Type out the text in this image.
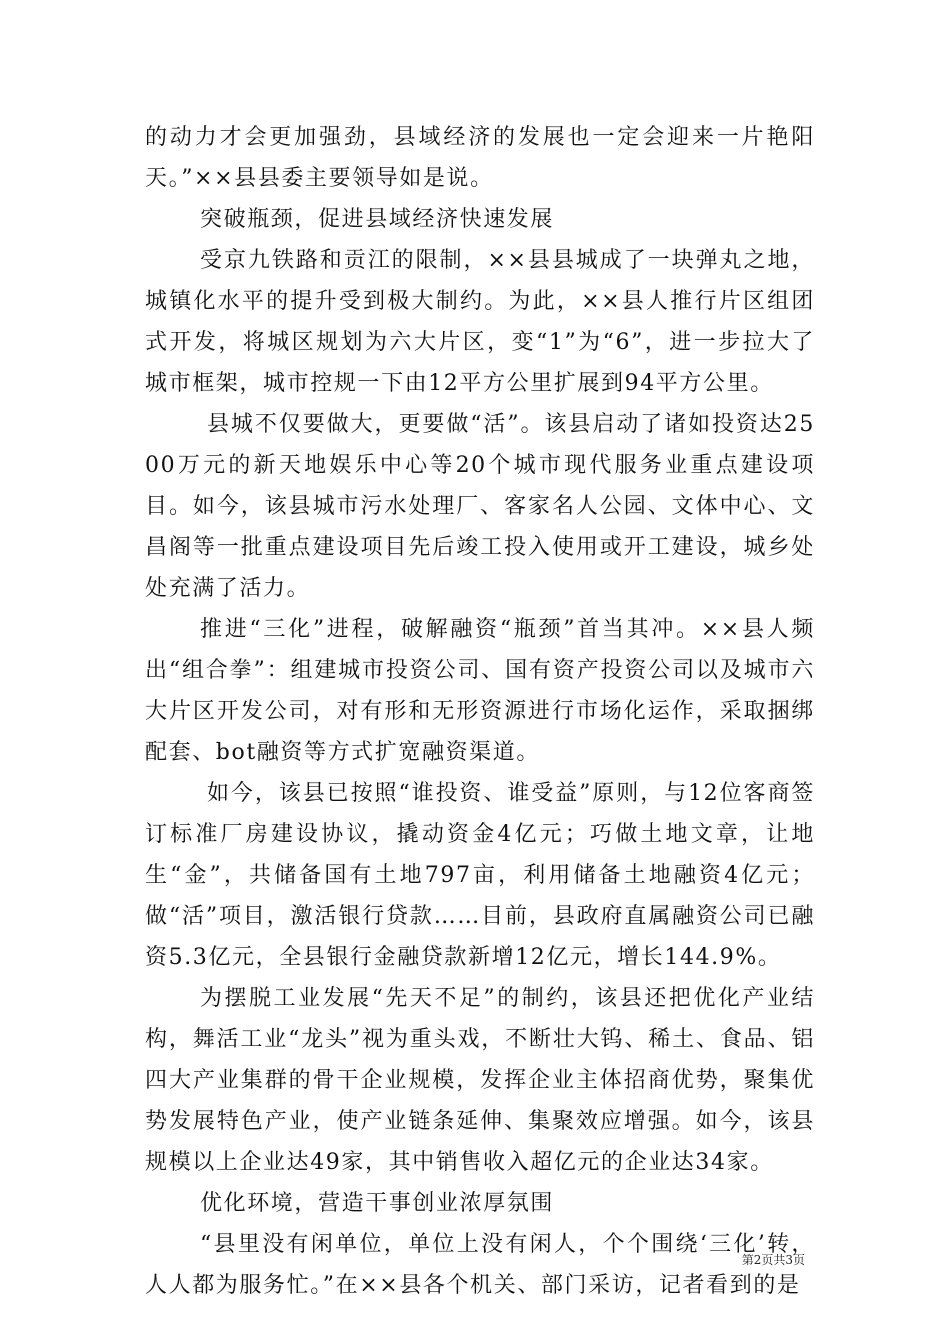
的动力才会更加强劲，县域经济的发展也一定会迎来一片艳阳天。”××县县委主要领导如是说。

突破瓶颈，促进县域经济快速发展

受京九铁路和贡江的限制，××县县城成了一块弹丸之地，城镇化水平的提升受到极大制约。为此，××县人推行片区组团式开发，将城区规划为六大片区，变“1”为“6”，进一步拉大了城市框架，城市控规一下由12平方公里扩展到94平方公里。

县城不仅要做大，更要做“活”。该县启动了诸如投资达2500万元的新天地娱乐中心等20个城市现代服务业重点建设项目。如今，该县城市污水处理厂、客家名人公园、文体中心、文昌阁等一批重点建设项目先后竣工投入使用或开工建设，城乡处处充满了活力。

推进“三化”进程，破解融资“瓶颈”首当其冲。××县人频出“组合拳”：组建城市投资公司、国有资产投资公司以及城市六大片区开发公司，对有形和无形资源进行市场化运作，采取捆绑配套、bot融资等方式扩宽融资渠道。

如今，该县已按照“谁投资、谁受益”原则，与12位客商签订标准厂房建设协议，撬动资金4亿元；巧做土地文章，让地生“金”，共储备国有土地797亩，利用储备土地融资4亿元；做“活”项目，激活银行贷款……目前，县政府直属融资公司已融资5.3亿元，全县银行金融贷款新增12亿元，增长144.9%。

为摆脱工业发展“先天不足”的制约，该县还把优化产业结构，舞活工业“龙头”视为重头戏，不断壮大钨、稀土、食品、铝四大产业集群的骨干企业规模，发挥企业主体招商优势，聚集优势发展特色产业，使产业链条延伸、集聚效应增强。如今，该县规模以上企业达49家，其中销售收入超亿元的企业达34家。

优化环境，营造干事创业浓厚氛围

“县里没有闲单位，单位上没有闲人，个个围绕‘三化’转，人人都为服务忙。”在××县各个机关、部门采访，记者看到的是

第2页共3页
